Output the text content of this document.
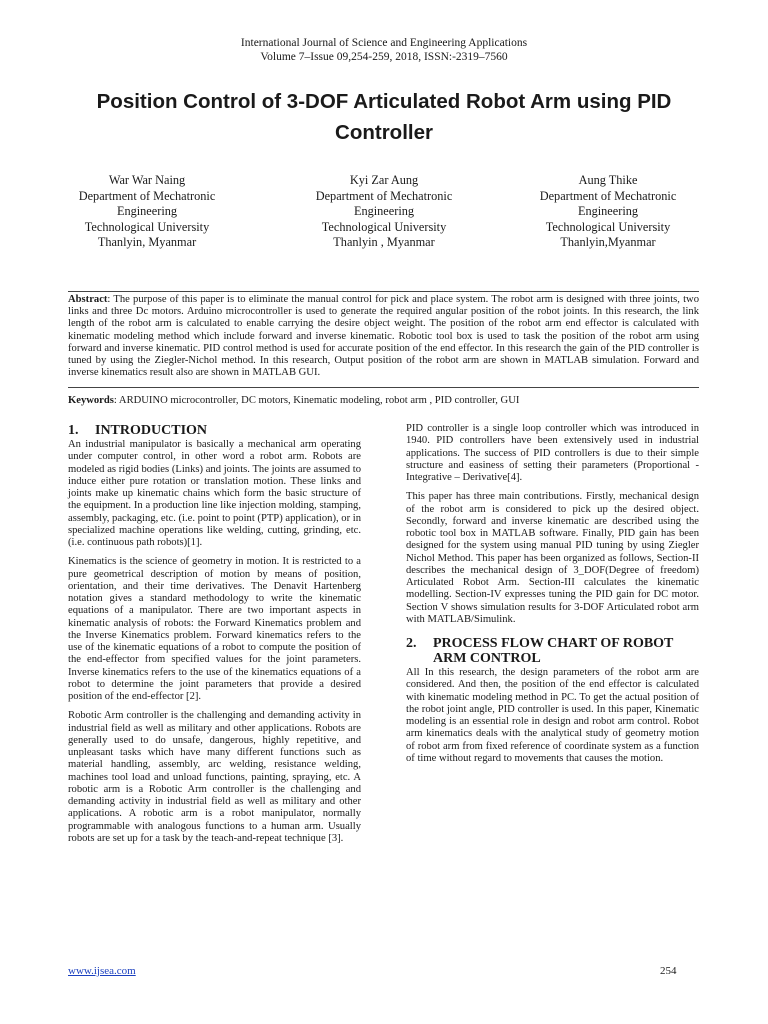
International Journal of Science and Engineering Applications
Volume 7–Issue 09,254-259, 2018, ISSN:-2319–7560
Position Control of 3-DOF Articulated Robot Arm using PID Controller
War War Naing
Department of Mechatronic
Engineering
Technological University
Thanlyin, Myanmar
Kyi Zar Aung
Department of Mechatronic
Engineering
Technological University
Thanlyin , Myanmar
Aung Thike
Department of Mechatronic
Engineering
Technological University
Thanlyin,Myanmar

Abstract: The purpose of this paper is to eliminate the manual control for pick and place system. The robot arm is designed with three joints, two links and three Dc motors. Arduino microcontroller is used to generate the required angular position of the robot joints. In this research, the link length of the robot arm is calculated to enable carrying the desire object weight. The position of the robot arm end effector is calculated with kinematic modeling method which include forward and inverse kinematic. Robotic tool box is used to task the position of the robot arm using forward and inverse kinematic. PID control method is used for accurate position of the end effector. In this research the gain of the PID controller is tuned by using the Ziegler-Nichol method. In this research, Output position of the robot arm are shown in MATLAB simulation. Forward and inverse kinematics result also are shown in MATLAB GUI.

Keywords: ARDUINO microcontroller, DC motors, Kinematic modeling, robot arm , PID controller, GUI

1. INTRODUCTION

An industrial manipulator is basically a mechanical arm operating under computer control, in other word a robot arm. Robots are modeled as rigid bodies (Links) and joints. The joints are assumed to induce either pure rotation or translation motion. These links and joints make up kinematic chains which form the basic structure of the equipment. In a production line like injection molding, stamping, assembly, packaging, etc. (i.e. point to point (PTP) application), or in specialized machine operations like welding, cutting, grinding, etc. (i.e. continuous path robots)[1].

Kinematics is the science of geometry in motion. It is restricted to a pure geometrical description of motion by means of position, orientation, and their time derivatives. The Denavit Hartenberg notation gives a standard methodology to write the kinematic equations of a manipulator. There are two important aspects in kinematic analysis of robots: the Forward Kinematics problem and the Inverse Kinematics problem. Forward kinematics refers to the use of the kinematic equations of a robot to compute the position of the end-effector from specified values for the joint parameters. Inverse kinematics refers to the use of the kinematics equations of a robot to determine the joint parameters that provide a desired position of the end-effector [2].

Robotic Arm controller is the challenging and demanding activity in industrial field as well as military and other applications. Robots are generally used to do unsafe, dangerous, highly repetitive, and unpleasant tasks which have many different functions such as material handling, assembly, arc welding, resistance welding, machines tool load and unload functions, painting, spraying, etc. A robotic arm is a Robotic Arm controller is the challenging and demanding activity in industrial field as well as military and other applications. A robotic arm is a robot manipulator, normally programmable with analogous functions to a human arm. Usually robots are set up for a task by the teach-and-repeat technique [3].

PID controller is a single loop controller which was introduced in 1940. PID controllers have been extensively used in industrial applications. The success of PID controllers is due to their simple structure and easiness of setting their parameters (Proportional - Integrative – Derivative[4].

This paper has three main contributions. Firstly, mechanical design of the robot arm is considered to pick up the desired object. Secondly, forward and inverse kinematic are described using the robotic tool box in MATLAB software. Finally, PID gain has been designed for the system using manual PID tuning by using Ziegler Nichol Method. This paper has been organized as follows, Section-II describes the mechanical design of 3_DOF(Degree of freedom) Articulated Robot Arm. Section-III calculates the kinematic modelling. Section-IV expresses tuning the PID gain for DC motor. Section V shows simulation results for 3-DOF Articulated robot arm with MATLAB/Simulink.

2. PROCESS FLOW CHART OF ROBOT ARM CONTROL

All In this research, the design parameters of the robot arm are considered. And then, the position of the end effector is calculated with kinematic modeling method in PC. To get the actual position of the robot joint angle, PID controller is used. In this paper, Kinematic modeling is an essential role in design and robot arm control. Robot arm kinematics deals with the analytical study of geometry motion of robot arm from fixed reference of coordinate system as a function of time without regard to movements that causes the motion.

www.ijsea.com	254
